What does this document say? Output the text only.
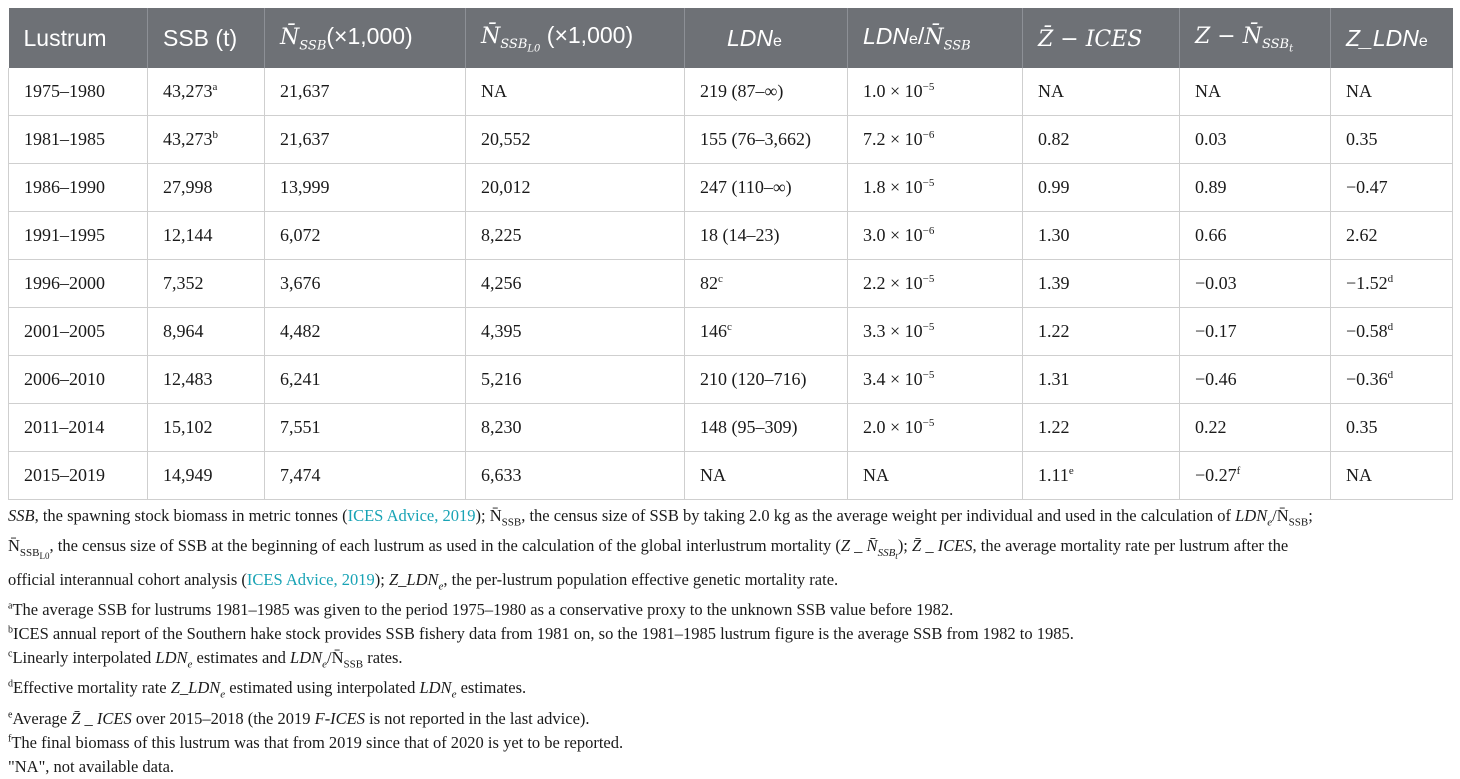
Lustrum	SSB (t)	$N̄_{SSB}(\times 1,000)$	$N̄_{SSB_{L0}}$ (×1,000)	LDNe	LDNe/$N̄_{SSB}$	Z̄ − ICES	$Z - N̄_{SSB_t}$	Z_LDNe
1975–1980	43,273$^a$	21,637	NA	219 (87–∞)	$1.0 \times 10^{-5}$	NA	NA	NA
1981–1985	43,273$^b$	21,637	20,552	155 (76–3,662)	$7.2 \times 10^{-6}$	0.82	0.03	0.35
1986–1990	27,998	13,999	20,012	247 (110–∞)	$1.8 \times 10^{-5}$	0.99	0.89	−0.47
1991–1995	12,144	6,072	8,225	18 (14–23)	$3.0 \times 10^{-6}$	1.30	0.66	2.62
1996–2000	7,352	3,676	4,256	82$^c$	$2.2 \times 10^{-5}$	1.39	−0.03	−1.52$^d$
2001–2005	8,964	4,482	4,395	146$^c$	$3.3 \times 10^{-5}$	1.22	−0.17	−0.58$^d$
2006–2010	12,483	6,241	5,216	210 (120–716)	$3.4 \times 10^{-5}$	1.31	−0.46	−0.36$^d$
2011–2014	15,102	7,551	8,230	148 (95–309)	$2.0 \times 10^{-5}$	1.22	0.22	0.35
2015–2019	14,949	7,474	6,633	NA	NA	1.11$^e$	−0.27$^f$	NA

SSB, the spawning stock biomass in metric tonnes (ICES Advice, 2019); $N̄_{SSB}$, the census size of SSB by taking 2.0 kg as the average weight per individual and used in the calculation of $LDN_e/N̄_{SSB}$;

$N̄_{SSB_{L0}}$, the census size of SSB at the beginning of each lustrum as used in the calculation of the global interlustrum mortality (Z _ $N̄_{SSB_t}$); Z̄ _ ICES, the average mortality rate per lustrum after the

official interannual cohort analysis (ICES Advice, 2019); $Z\_LDN_e$, the per-lustrum population effective genetic mortality rate.

$^a$The average SSB for lustrums 1981–1985 was given to the period 1975–1980 as a conservative proxy to the unknown SSB value before 1982.

$^b$ICES annual report of the Southern hake stock provides SSB fishery data from 1981 on, so the 1981–1985 lustrum figure is the average SSB from 1982 to 1985.

$^c$Linearly interpolated $LDN_e$ estimates and $LDN_e/N̄_{SSB}$ rates.

$^d$Effective mortality rate $Z\_LDN_e$ estimated using interpolated $LDN_e$ estimates.

$^e$Average Z̄ _ ICES over 2015–2018 (the 2019 F-ICES is not reported in the last advice).

$^f$The final biomass of this lustrum was that from 2019 since that of 2020 is yet to be reported.

"NA", not available data.
